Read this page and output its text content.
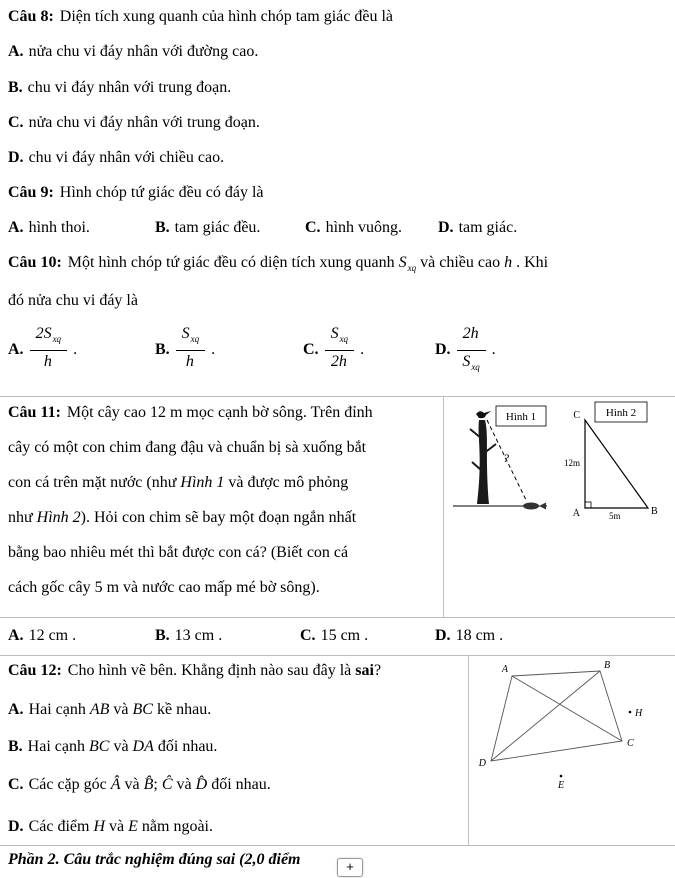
Câu 8: Diện tích xung quanh của hình chóp tam giác đều là
A. nửa chu vi đáy nhân với đường cao.
B. chu vi đáy nhân với trung đoạn.
C. nửa chu vi đáy nhân với trung đoạn.
D. chu vi đáy nhân với chiều cao.
Câu 9: Hình chóp tứ giác đều có đáy là
A. hình thoi.	B. tam giác đều.	C. hình vuông. D. tam giác.
Câu 10: Một hình chóp tứ giác đều có diện tích xung quanh $S_{xq}$ và chiều cao h . Khi
đó nửa chu vi đáy là
A. $\frac{2S_{xq}}{h}$ .	B. $\frac{S_{xq}}{h}$ .	C. $\frac{S_{xq}}{2h}$ .	D. $\frac{2h}{S_{xq}}$ .
Câu 11: Một cây cao 12 m mọc cạnh bờ sông. Trên đỉnh
cây có một con chim đang đậu và chuẩn bị sà xuống bắt
con cá trên mặt nước (như Hình 1 và được mô phỏng
như Hình 2). Hỏi con chim sẽ bay một đoạn ngắn nhất
bằng bao nhiêu mét thì bắt được con cá? (Biết con cá
cách gốc cây 5 m và nước cao mấp mé bờ sông).
Hình 1
?
Hình 2
C
12m
A	B
5m
A. 12 cm .	B. 13 cm .	C. 15 cm .	D. 18 cm .
Câu 12: Cho hình vẽ bên. Khẳng định nào sau đây là sai?
A. Hai cạnh AB và BC kề nhau.
B. Hai cạnh BC và DA đối nhau.
C. Các cặp góc Â và B̂; Ĉ và D̂ đối nhau.
D. Các điểm H và E nằm ngoài.
A	B
H
C
D
E
Phần 2. Câu trắc nghiệm đúng sai (2,0 điểm	+
